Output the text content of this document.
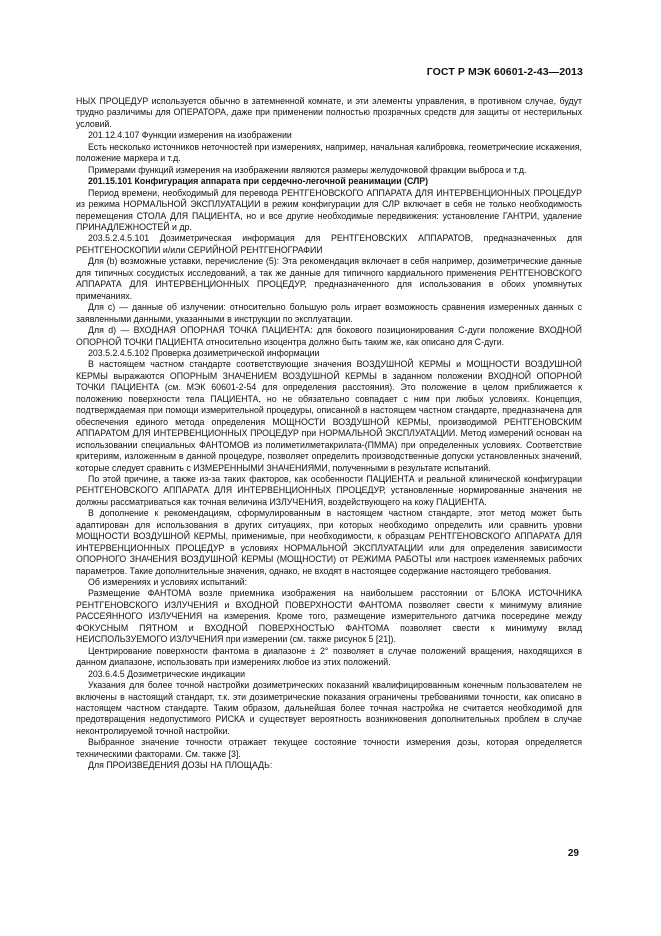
ГОСТ Р МЭК 60601-2-43—2013

НЫХ ПРОЦЕДУР используется обычно в затемненной комнате, и эти элементы управления, в противном случае, будут трудно различимы для ОПЕРАТОРА, даже при применении полностью прозрачных средств для защиты от нестерильных условий.

201.12.4.107 Функции измерения на изображении

Есть несколько источников неточностей при измерениях, например, начальная калибровка, геометрические искажения, положение маркера и т.д.

Примерами функций измерения на изображении являются размеры желудочковой фракции выброса и т.д.

201.15.101 Конфигурация аппарата при сердечно-легочной реанимации (СЛР)

Период времени, необходимый для перевода РЕНТГЕНОВСКОГО АППАРАТА ДЛЯ ИНТЕРВЕНЦИОННЫХ ПРОЦЕДУР из режима НОРМАЛЬНОЙ ЭКСПЛУАТАЦИИ в режим конфигурации для СЛР включает в себя не только необходимость перемещения СТОЛА ДЛЯ ПАЦИЕНТА, но и все другие необходимые передвижения: установление ГАНТРИ, удаление ПРИНАДЛЕЖНОСТЕЙ и др.

203.5.2.4.5.101 Дозиметрическая информация для РЕНТГЕНОВСКИХ АППАРАТОВ, предназначенных для РЕНТГЕНОСКОПИИ и/или СЕРИЙНОЙ РЕНТГЕНОГРАФИИ

Для (b) возможные уставки, перечисление (5): Эта рекомендация включает в себя например, дозиметрические данные для типичных сосудистых исследований, а так же данные для типичного кардиального применения РЕНТГЕНОВСКОГО АППАРАТА ДЛЯ ИНТЕРВЕНЦИОННЫХ ПРОЦЕДУР, предназначенного для использования в обоих упомянутых примечаниях.

Для с) — данные об излучении: относительно большую роль играет возможность сравнения измеренных данных с заявленными данными, указанными в инструкции по эксплуатации.

Для d) — ВХОДНАЯ ОПОРНАЯ ТОЧКА ПАЦИЕНТА: для бокового позиционирования С-дуги положение ВХОДНОЙ ОПОРНОЙ ТОЧКИ ПАЦИЕНТА относительно изоцентра должно быть таким же, как описано для С-дуги.

203.5.2.4.5.102 Проверка дозиметрической информации

В настоящем частном стандарте соответствующие значения ВОЗДУШНОЙ КЕРМЫ и МОЩНОСТИ ВОЗДУШНОЙ КЕРМЫ выражаются ОПОРНЫМ ЗНАЧЕНИЕМ ВОЗДУШНОЙ КЕРМЫ в заданном положении ВХОДНОЙ ОПОРНОЙ ТОЧКИ ПАЦИЕНТА (см. МЭК 60601-2-54 для определения расстояния). Это положение в целом приближается к положению поверхности тела ПАЦИЕНТА, но не обязательно совпадает с ним при любых условиях. Концепция, подтверждаемая при помощи измерительной процедуры, описанной в настоящем частном стандарте, предназначена для обеспечения единого метода определения МОЩНОСТИ ВОЗДУШНОЙ КЕРМЫ, производимой РЕНТГЕНОВСКИМ АППАРАТОМ ДЛЯ ИНТЕРВЕНЦИОННЫХ ПРОЦЕДУР при НОРМАЛЬНОЙ ЭКСПЛУАТАЦИИ. Метод измерений основан на использовании специальных ФАНТОМОВ из полиметилметакрилата-(ПММА) при определенных условиях. Соответствие критериям, изложенным в данной процедуре, позволяет определить производственные допуски установленных значений, которые следует сравнить с ИЗМЕРЕННЫМИ ЗНАЧЕНИЯМИ, полученными в результате испытаний.

По этой причине, а также из-за таких факторов, как особенности ПАЦИЕНТА и реальной клинической конфигурации РЕНТГЕНОВСКОГО АППАРАТА ДЛЯ ИНТЕРВЕНЦИОННЫХ ПРОЦЕДУР, установленные нормированные значения не должны рассматриваться как точная величина ИЗЛУЧЕНИЯ, воздействующего на кожу ПАЦИЕНТА.

В дополнение к рекомендациям, сформулированным в настоящем частном стандарте, этот метод может быть адаптирован для использования в других ситуациях, при которых необходимо определить или сравнить уровни МОЩНОСТИ ВОЗДУШНОЙ КЕРМЫ, применимые, при необходимости, к образцам РЕНТГЕНОВСКОГО АППАРАТА ДЛЯ ИНТЕРВЕНЦИОННЫХ ПРОЦЕДУР в условиях НОРМАЛЬНОЙ ЭКСПЛУАТАЦИИ или для определения зависимости ОПОРНОГО ЗНАЧЕНИЯ ВОЗДУШНОЙ КЕРМЫ (МОЩНОСТИ) от РЕЖИМА РАБОТЫ или настроек изменяемых рабочих параметров. Такие дополнительные значения, однако, не входят в настоящее содержание настоящего требования.

Об измерениях и условиях испытаний:

Размещение ФАНТОМА возле приемника изображения на наибольшем расстоянии от БЛОКА ИСТОЧНИКА РЕНТГЕНОВСКОГО ИЗЛУЧЕНИЯ и ВХОДНОЙ ПОВЕРХНОСТИ ФАНТОМА позволяет свести к минимуму влияние РАССЕЯННОГО ИЗЛУЧЕНИЯ на измерения. Кроме того, размещение измерительного датчика посередине между ФОКУСНЫМ ПЯТНОМ и ВХОДНОЙ ПОВЕРХНОСТЬЮ ФАНТОМА позволяет свести к минимуму вклад НЕИСПОЛЬЗУЕМОГО ИЗЛУЧЕНИЯ при измерении (см. также рисунок 5 [21]).

Центрирование поверхности фантома в диапазоне ± 2° позволяет в случае положений вращения, находящихся в данном диапазоне, использовать при измерениях любое из этих положений.

203.6.4.5 Дозиметрические индикации

Указания для более точной настройки дозиметрических показаний квалифицированным конечным пользователем не включены в настоящий стандарт, т.к. эти дозиметрические показания ограничены требованиями точности, как описано в настоящем частном стандарте. Таким образом, дальнейшая более точная настройка не считается необходимой для предотвращения недопустимого РИСКА и существует вероятность возникновения дополнительных проблем в случае неконтролируемой точной настройки.

Выбранное значение точности отражает текущее состояние точности измерения дозы, которая определяется техническими факторами. См. также [3].

Для ПРОИЗВЕДЕНИЯ ДОЗЫ НА ПЛОЩАДЬ:

29
